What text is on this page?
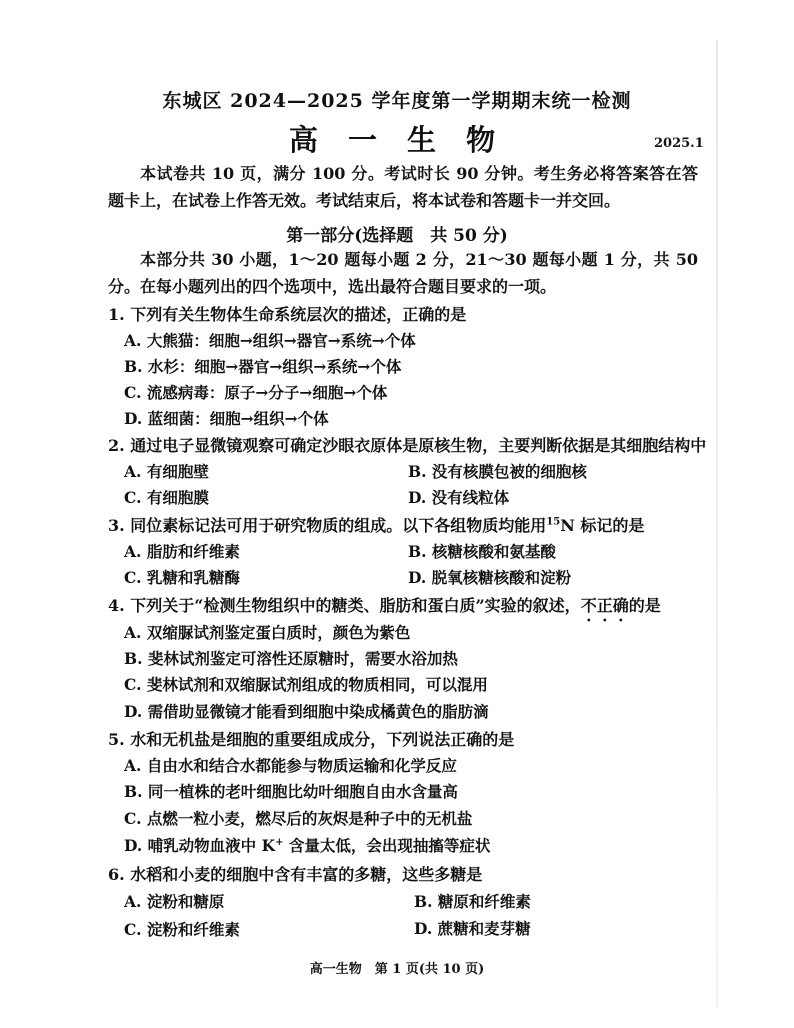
东城区 2024—2025 学年度第一学期期末统一检测
高 一 生 物	2025.1
本试卷共 10 页，满分 100 分。考试时长 90 分钟。考生务必将答案答在答题卡上，在试卷上作答无效。考试结束后，将本试卷和答题卡一并交回。
第一部分(选择题　共 50 分)
本部分共 30 小题，1～20 题每小题 2 分，21～30 题每小题 1 分，共 50 分。在每小题列出的四个选项中，选出最符合题目要求的一项。
1. 下列有关生物体生命系统层次的描述，正确的是
A. 大熊猫：细胞→组织→器官→系统→个体
B. 水杉：细胞→器官→组织→系统→个体
C. 流感病毒：原子→分子→细胞→个体
D. 蓝细菌：细胞→组织→个体
2. 通过电子显微镜观察可确定沙眼衣原体是原核生物，主要判断依据是其细胞结构中
A. 有细胞壁	B. 没有核膜包被的细胞核
C. 有细胞膜	D. 没有线粒体
3. 同位素标记法可用于研究物质的组成。以下各组物质均能用$^{15}$N 标记的是
A. 脂肪和纤维素	B. 核糖核酸和氨基酸
C. 乳糖和乳糖酶	D. 脱氧核糖核酸和淀粉
4. 下列关于“检测生物组织中的糖类、脂肪和蛋白质”实验的叙述，不正确的是
A. 双缩脲试剂鉴定蛋白质时，颜色为紫色
B. 斐林试剂鉴定可溶性还原糖时，需要水浴加热
C. 斐林试剂和双缩脲试剂组成的物质相同，可以混用
D. 需借助显微镜才能看到细胞中染成橘黄色的脂肪滴
5. 水和无机盐是细胞的重要组成成分，下列说法正确的是
A. 自由水和结合水都能参与物质运输和化学反应
B. 同一植株的老叶细胞比幼叶细胞自由水含量高
C. 点燃一粒小麦，燃尽后的灰烬是种子中的无机盐
D. 哺乳动物血液中 K+ 含量太低，会出现抽搐等症状
6. 水稻和小麦的细胞中含有丰富的多糖，这些多糖是
A. 淀粉和糖原	B. 糖原和纤维素
C. 淀粉和纤维素	D. 蔗糖和麦芽糖
高一生物　第 1 页(共 10 页)
